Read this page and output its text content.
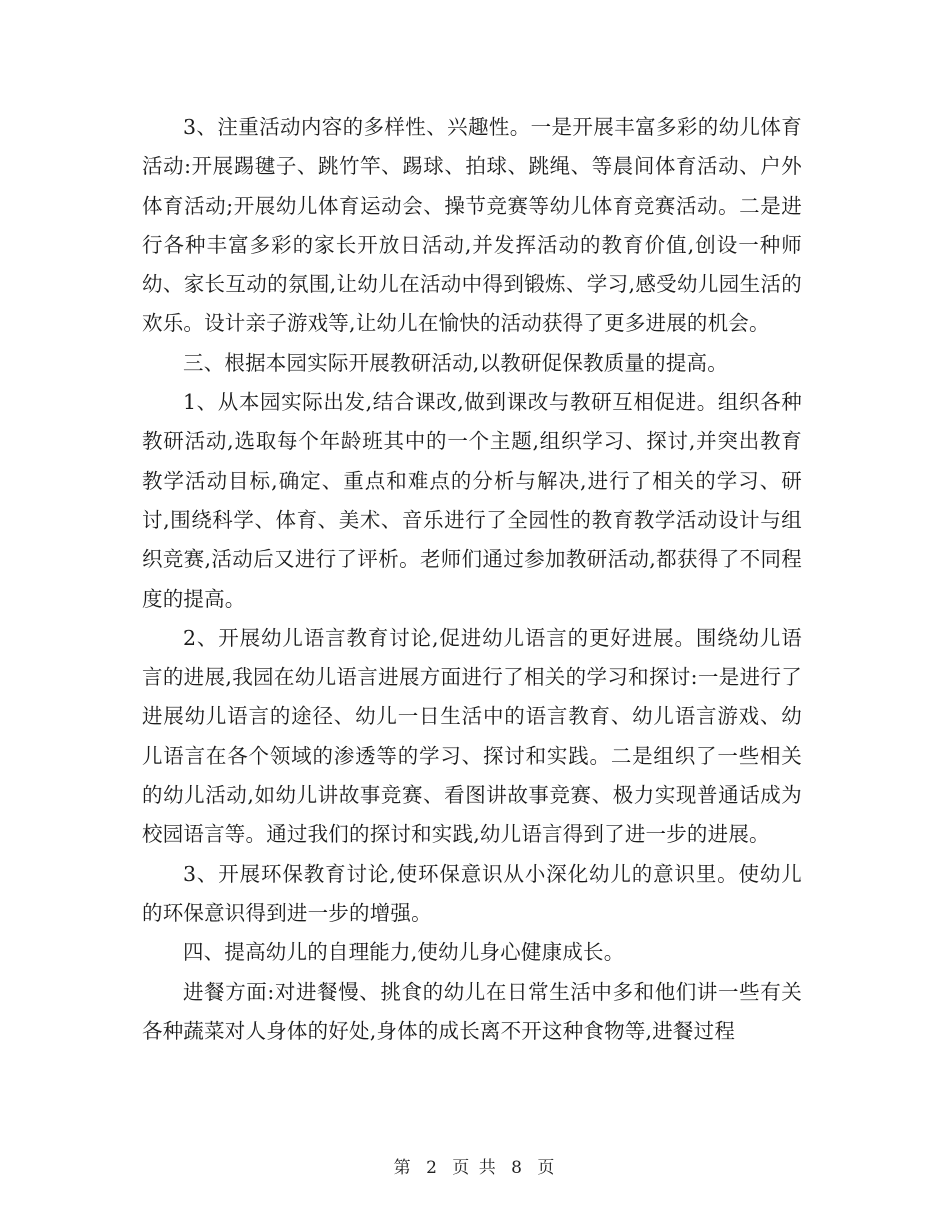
3、注重活动内容的多样性、兴趣性。一是开展丰富多彩的幼儿体育活动:开展踢毽子、跳竹竿、踢球、拍球、跳绳、等晨间体育活动、户外体育活动;开展幼儿体育运动会、操节竞赛等幼儿体育竞赛活动。二是进行各种丰富多彩的家长开放日活动,并发挥活动的教育价值,创设一种师幼、家长互动的氛围,让幼儿在活动中得到锻炼、学习,感受幼儿园生活的欢乐。设计亲子游戏等,让幼儿在愉快的活动获得了更多进展的机会。

三、根据本园实际开展教研活动,以教研促保教质量的提高。

1、从本园实际出发,结合课改,做到课改与教研互相促进。组织各种教研活动,选取每个年龄班其中的一个主题,组织学习、探讨,并突出教育教学活动目标,确定、重点和难点的分析与解决,进行了相关的学习、研讨,围绕科学、体育、美术、音乐进行了全园性的教育教学活动设计与组织竞赛,活动后又进行了评析。老师们通过参加教研活动,都获得了不同程度的提高。

2、开展幼儿语言教育讨论,促进幼儿语言的更好进展。围绕幼儿语言的进展,我园在幼儿语言进展方面进行了相关的学习和探讨:一是进行了进展幼儿语言的途径、幼儿一日生活中的语言教育、幼儿语言游戏、幼儿语言在各个领域的渗透等的学习、探讨和实践。二是组织了一些相关的幼儿活动,如幼儿讲故事竞赛、看图讲故事竞赛、极力实现普通话成为校园语言等。通过我们的探讨和实践,幼儿语言得到了进一步的进展。

3、开展环保教育讨论,使环保意识从小深化幼儿的意识里。使幼儿的环保意识得到进一步的增强。

四、提高幼儿的自理能力,使幼儿身心健康成长。

进餐方面:对进餐慢、挑食的幼儿在日常生活中多和他们讲一些有关各种蔬菜对人身体的好处,身体的成长离不开这种食物等,进餐过程

第 2 页 共 8 页
